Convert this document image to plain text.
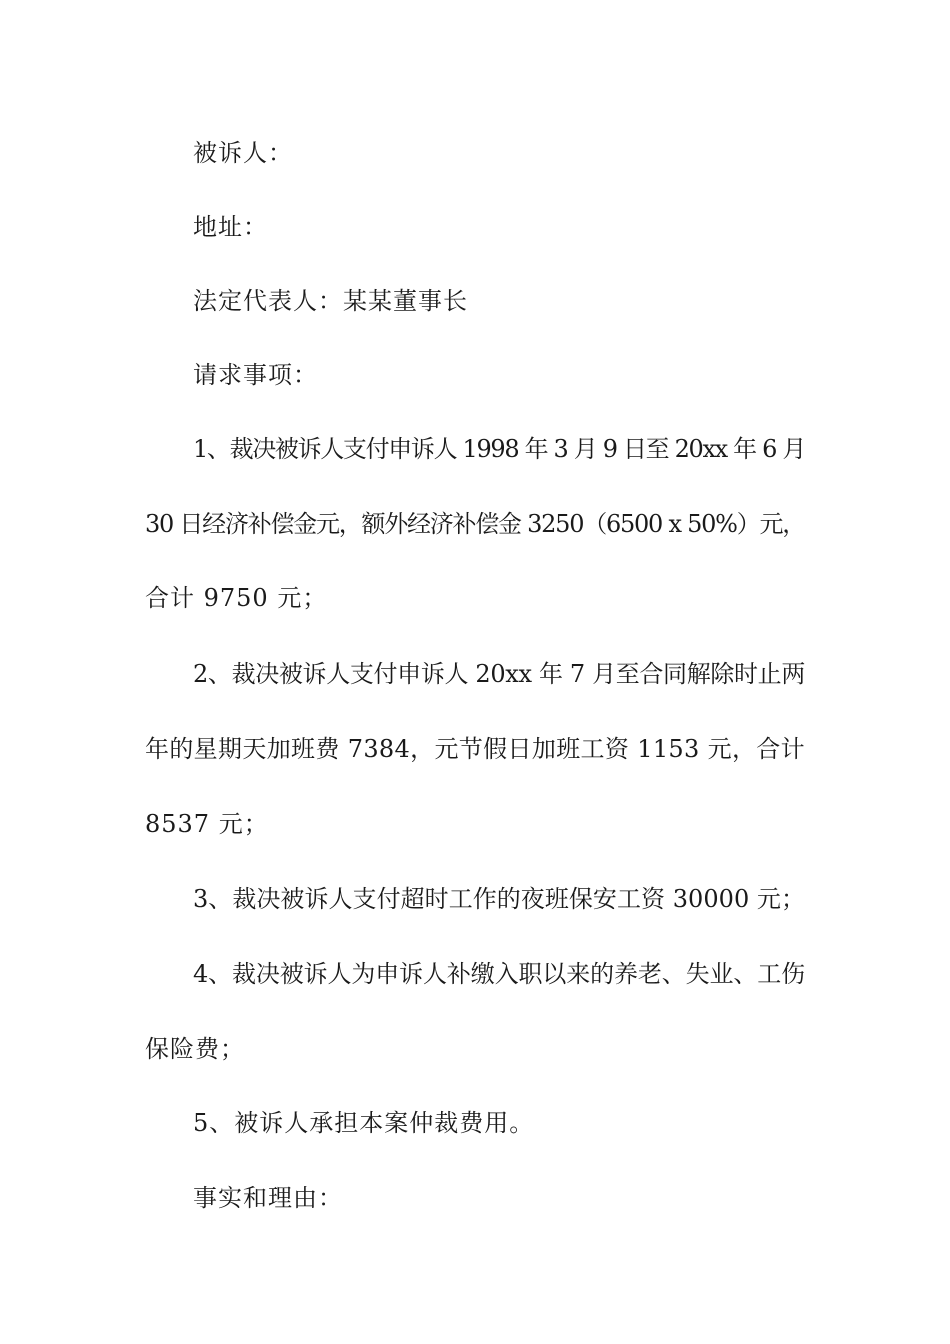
被诉人：
地址：
法定代表人：某某董事长
请求事项：
1、裁决被诉人支付申诉人 1998 年 3 月 9 日至 20xx 年 6 月
30 日经济补偿金元，额外经济补偿金 3250（6500 x 50%）元，
合计 9750 元；
2、裁决被诉人支付申诉人 20xx 年 7 月至合同解除时止两
年的星期天加班费 7384，元节假日加班工资 1153 元，合计
8537 元；
3、裁决被诉人支付超时工作的夜班保安工资 30000 元；
4、裁决被诉人为申诉人补缴入职以来的养老、失业、工伤
保险费；
5、被诉人承担本案仲裁费用。
事实和理由：
